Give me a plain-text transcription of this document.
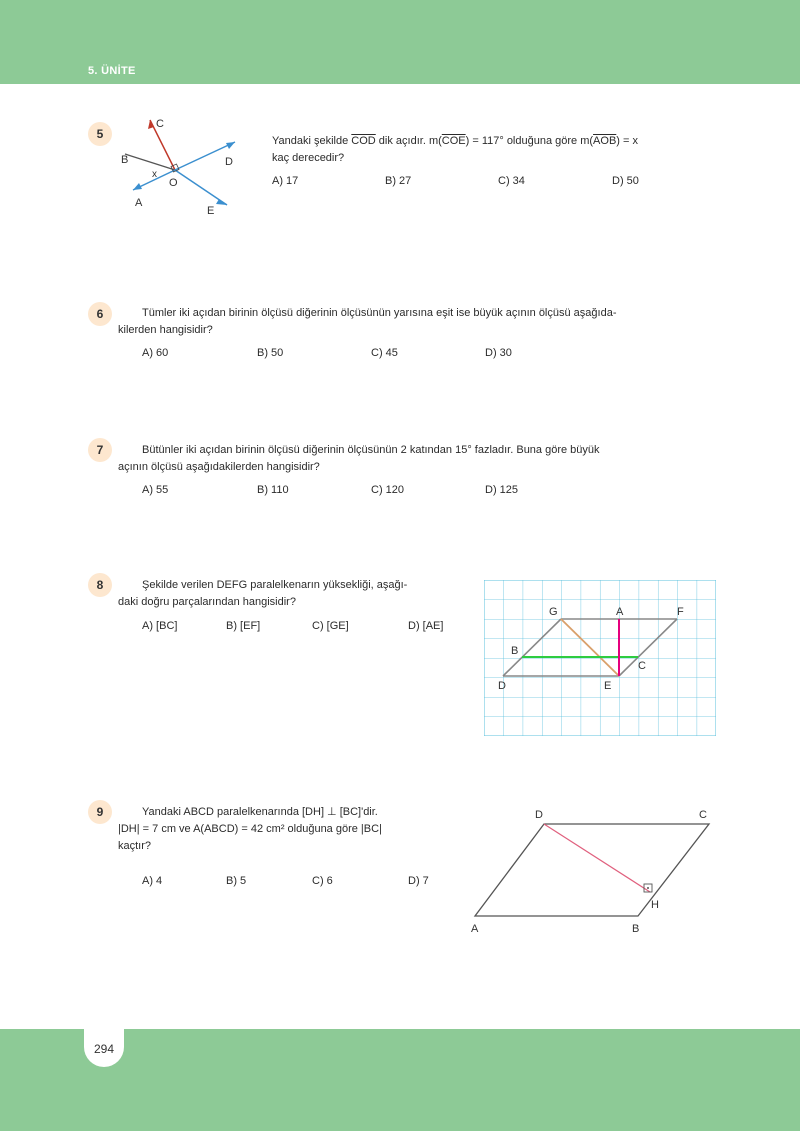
5. ÜNİTE
5
C
B	D
x
O
A
E
Yandaki şekilde $\overline{COD}$ dik açıdır. $m(\overline{COE}) = 117^\circ$ olduğuna göre $m(\overline{AOB}) = x$
kaç derecedir?
A) 17	B) 27	C) 34	D) 50
6	Tümler iki açıdan birinin ölçüsü diğerinin ölçüsünün yarısına eşit ise büyük açının ölçüsü aşağıda-
kilerden hangisidir?
A) 60	B) 50	C) 45	D) 30
7	Bütünler iki açıdan birinin ölçüsü diğerinin ölçüsünün 2 katından 15° fazladır. Buna göre büyük
açının ölçüsü aşağıdakilerden hangisidir?
A) 55	B) 110	C) 120	D) 125
8	Şekilde verilen DEFG paralelkenarın yüksekliği, aşağı-
daki doğru parçalarından hangisidir?
A) [BC]	B) [EF]	C) [GE]	D) [AE]
G	A	F
B
C
D	E
9	Yandaki ABCD paralelkenarında [DH] ⊥ [BC]'dir.
|DH| = 7 cm ve A(ABCD) = 42 cm² olduğuna göre |BC|
kaçtır?
A) 4	B) 5	C) 6	D) 7
D	C
H
A	B
294
